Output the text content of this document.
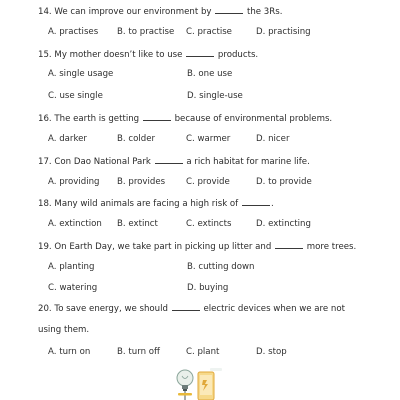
14. We can improve our environment by	the 3Rs.
A. practises B. to practise C. practise	D. practising
15. My mother doesn’t like to use	products.
A. single usage	B. one use
C. use single	D. single-use
16. The earth is getting	because of environmental problems.
A. darker	B. colder	C. warmer	D. nicer
17. Con Dao National Park	a rich habitat for marine life.
A. providing B. provides C. provide	D. to provide
18. Many wild animals are facing a high risk of	.
A. extinction B. extinct	C. extincts	D. extincting
19. On Earth Day, we take part in picking up litter and	more trees.
A. planting	B. cutting down
C. watering	D. buying
20. To save energy, we should	electric devices when we are not using them.
A. turn on	B. turn off	C. plant	D. stop
